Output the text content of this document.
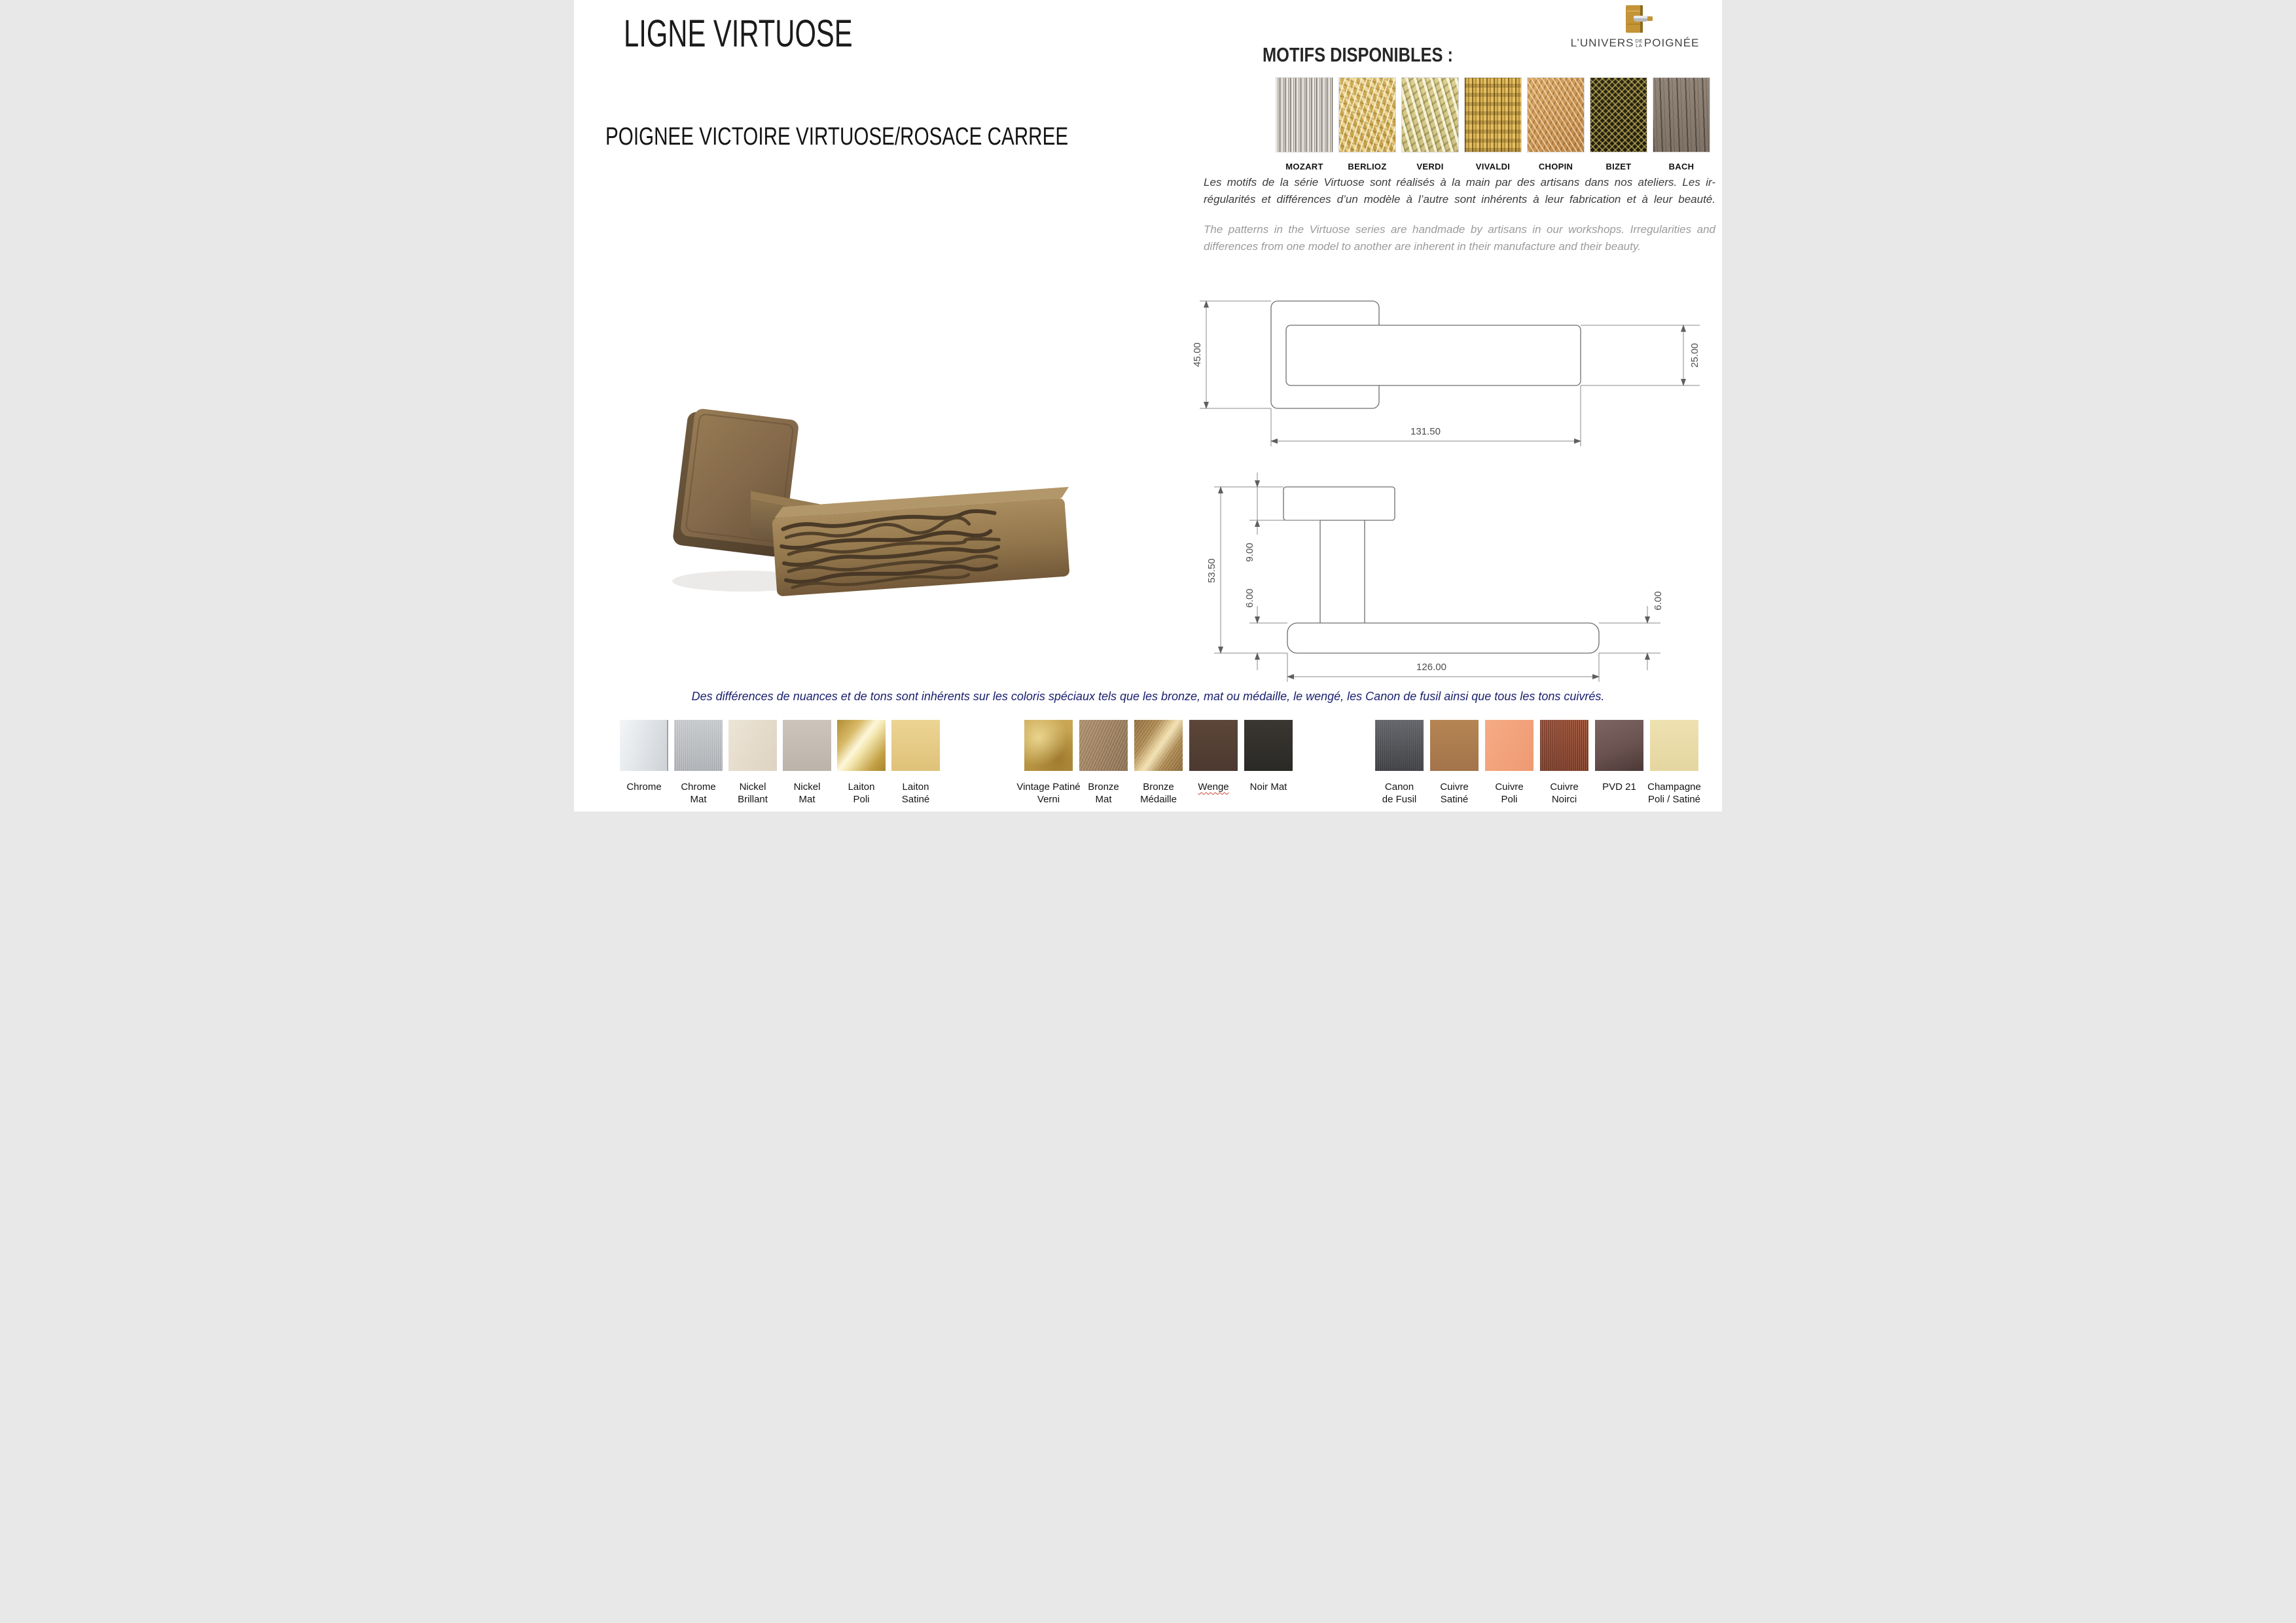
LIGNE VIRTUOSE
POIGNEE VICTOIRE VIRTUOSE/ROSACE CARREE
L’UNIVERS DE
LA POIGNÉE
MOTIFS DISPONIBLES :
MOZART	BERLIOZ	VERDI	VIVALDI	CHOPIN	BIZET	BACH
Les motifs de la série Virtuose sont réalisés à la main par des artisans dans nos ateliers. Les ir-
régularités et différences d’un modèle à l’autre sont inhérents à leur fabrication et à leur beauté.
The patterns in the Virtuose series are handmade by artisans in our workshops. Irregularities and
differences from one model to another are inherent in their manufacture and their beauty.
45.00	25.00
131.50
53.50
9.00
6.00	6.00
126.00
Des différences de nuances et de tons sont inhérents sur les coloris spéciaux tels que les bronze, mat ou médaille, le wengé, les Canon de fusil ainsi que tous les tons cuivrés.
Chrome Chrome
Mat
Nickel
Brillant
Nickel
Mat
Laiton
Poli
Laiton
Satiné
Vintage Patiné
Verni
Bronze
Mat
Bronze
Médaille
Wenge Noir Mat	Canon
de Fusil
Cuivre
Satiné
Cuivre
Poli
Cuivre
Noirci
PVD 21 Champagne
Poli / Satiné
